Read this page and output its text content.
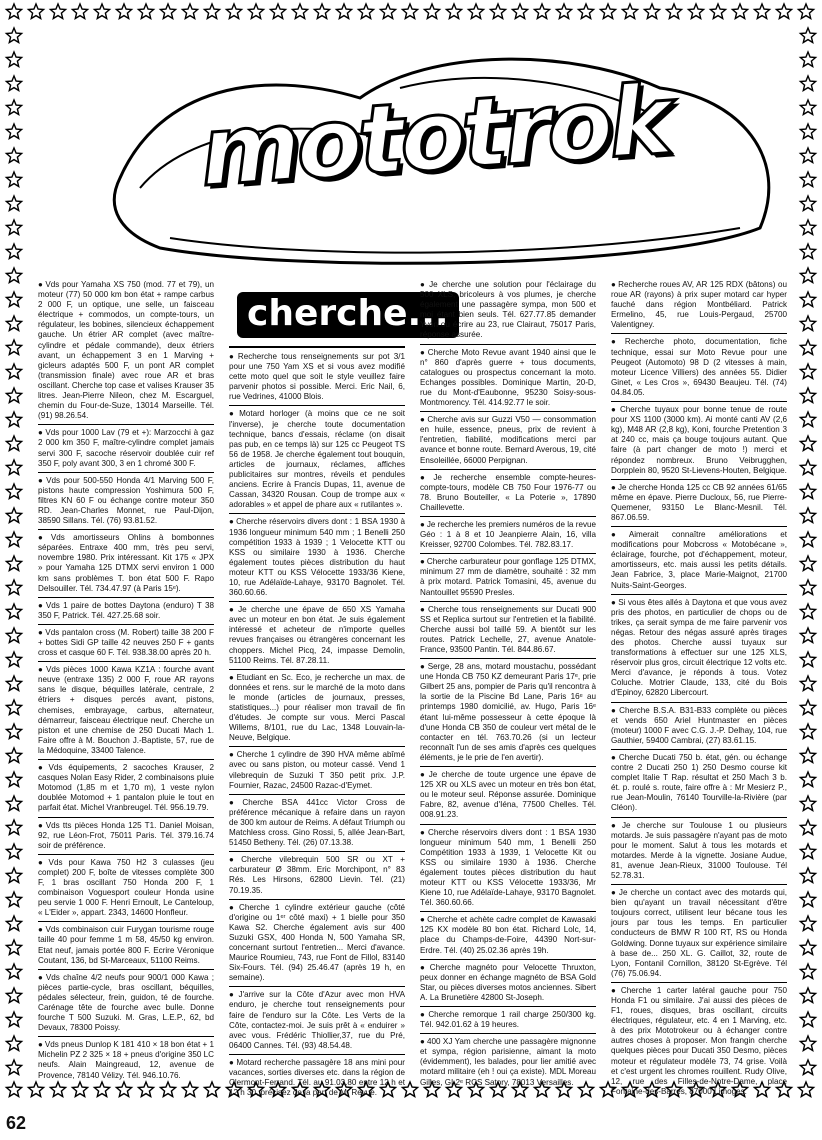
mototrok
● Vds pour Yamaha XS 750 (mod. 77 et 79), un moteur (77) 50 000 km bon état + rampe carbus 2 000 F, un optique, une selle, un faisceau électrique + commodos, un compte-tours, un régulateur, les bobines, silencieux échappement gauche. Un étrier AR complet (avec maître-cylindre et pédale commande), deux étriers avant, un échappement 3 en 1 Marving + gicleurs adaptés 500 F, un pont AR complet (transmission finale) avec roue AR et bras oscillant. Cherche top case et valises Krauser 35 litres. Jean-Pierre Nileon, chez M. Escarguel, chemin du Four-de-Suze, 13014 Marseille. Tél. (91) 98.26.54.
● Vds pour 1000 Lav (79 et +): Marzocchi à gaz 2 000 km 350 F, maître-cylindre complet jamais servi 300 F, sacoche réservoir doublée cuir ref 350 F, poly avant 300, 3 en 1 chromé 300 F.
● Vds pour 500-550 Honda 4/1 Marving 500 F, pistons haute compression Yoshimura 500 F, filtres KN 60 F ou échange contre moteur 350 RD. Jean-Charles Monnet, rue Paul-Dijon, 38590 Sillans. Tél. (76) 93.81.52.
● Vds amortisseurs Ohlins à bombonnes séparées. Entraxe 400 mm, très peu servi, novembre 1980. Prix intéressant. Kit 175 « JPX » pour Yamaha 125 DTMX servi environ 1 000 km sans problèmes T. bon état 500 F. Rapo Delsouiller. Tél. 734.47.97 (à Paris 15ᵉ).
● Vds 1 paire de bottes Daytona (enduro) T 38 350 F, Patrick. Tél. 427.25.68 soir.
● Vds pantalon cross (M. Robert) taille 38 200 F + bottes Sidi GP taille 42 neuves 250 F + gants cross et casque 60 F. Tél. 938.38.00 après 20 h.
● Vds pièces 1000 Kawa KZ1A : fourche avant neuve (entraxe 135) 2 000 F, roue AR rayons sans le disque, béquilles latérale, centrale, 2 étriers + disques percés avant, pistons, chemises, embrayage, carbus, alternateur, démarreur, faisceau électrique neuf. Cherche un piston et une chemise de 250 Ducati Mach 1. Faire offre à M. Bouchon J.-Baptiste, 57, rue de la Médoquine, 33400 Talence.
● Vds équipements, 2 sacoches Krauser, 2 casques Nolan Easy Rider, 2 combinaisons pluie Motomod (1,85 m et 1,70 m), 1 veste nylon doublée Motomod + 1 pantalon pluie le tout en parfait état. Michel Vranbreugel. Tél. 956.19.79.
● Vds tts pièces Honda 125 T1. Daniel Moisan, 92, rue Léon-Frot, 75011 Paris. Tél. 379.16.74 soir de préférence.
● Vds pour Kawa 750 H2 3 culasses (jeu complet) 200 F, boîte de vitesses complète 300 F, 1 bras oscillant 750 Honda 200 F, 1 combinaison Voguesport couleur Honda usine peu servie 1 000 F. Henri Ernoult, Le Canteloup, « L'Eider », appart. 2343, 14600 Honfleur.
● Vds combinaison cuir Furygan tourisme rouge taille 40 pour femme 1 m 58, 45/50 kg environ. Etat neuf, jamais portée 800 F. Ecrire Véronique Coutant, 136, bd St-Marceaux, 51100 Reims.
● Vds chaîne 4/2 neufs pour 900/1 000 Kawa ; pièces partie-cycle, bras oscillant, béquilles, pédales sélecteur, frein, guidon, té de fourche. Carénage tête de fourche avec bulle. Donne fourche T 500 Suzuki. M. Gras, L.E.P., 62, bd Devaux, 78300 Poissy.
● Vds pneus Dunlop K 181 410 × 18 bon état + 1 Michelin PZ 2 325 × 18 + pneus d'origine 350 LC neufs. Alain Maingreaud, 12, avenue de Provence, 78140 Vélizy. Tél. 946.10.76.
cherche...
● Recherche tous renseignements sur pot 3/1 pour une 750 Yam XS et si vous avez modifié cette moto quel que soit le style veuillez faire parvenir photos si possible. Merci. Eric Nail, 6, rue Vedrines, 41000 Blois.
● Motard horloger (à moins que ce ne soit l'inverse), je cherche toute documentation technique, bancs d'essais, réclame (on disait pas pub, en ce temps là) sur 125 cc Peugeot TS 56 de 1958. Je cherche également tout bouquin, articles de journaux, réclames, affiches publicitaires sur montres, réveils et pendules anciens. Ecrire à Francis Dupas, 11, avenue de Cassan, 34320 Rousan. Coup de trompe aux « adorables » et appel de phare aux « rutilantes ».
● Cherche réservoirs divers dont : 1 BSA 1930 à 1936 longueur minimum 540 mm ; 1 Benelli 250 compétition 1933 à 1939 ; 1 Velocette KTT ou KSS ou similaire 1930 à 1936. Cherche également toutes pièces distribution du haut moteur KTT ou KSS Vélocette 1933/36 Kiene, 10, rue Adélaïde-Lahaye, 93170 Bagnolet. Tél. 360.60.66.
● Je cherche une épave de 650 XS Yamaha avec un moteur en bon état. Je suis également intéressé et acheteur de n'importe quelles revues françaises ou étrangères concernant les choppers. Michel Picq, 24, impasse Demolin, 51100 Reims. Tél. 87.28.11.
● Etudiant en Sc. Eco, je recherche un max. de données et rens. sur le marché de la moto dans le monde (articles de journaux, presses, statistiques...) pour réaliser mon travail de fin d'études. Je compte sur vous. Merci Pascal Willems, 8/101, rue du Lac, 1348 Louvain-la-Neuve, Belgique.
● Cherche 1 cylindre de 390 HVA même abîmé avec ou sans piston, ou moteur cassé. Vend 1 vilebrequin de Suzuki T 350 petit prix. J.P. Fournier, Razac, 24500 Razac-d'Eymet.
● Cherche BSA 441cc Victor Cross de préférence mécanique à refaire dans un rayon de 300 km autour de Reims. A défaut Triumph ou Matchless cross. Gino Rossi, 5, allée Jean-Bart, 51450 Betheny. Tél. (26) 07.13.38.
● Cherche vilebrequin 500 SR ou XT + carburateur Ø 38mm. Eric Morchipont, n° 83 Rés. Les Hirsons, 62800 Lievin. Tél. (21) 70.19.35.
● Cherche 1 cylindre extérieur gauche (côté d'origine ou 1ᵉʳ côté maxi) + 1 bielle pour 350 Kawa S2. Cherche également avis sur 400 Suzuki GSX, 400 Honda N, 500 Yamaha SR, concernant surtout l'entretien... Merci d'avance. Maurice Roumieu, 743, rue Font de Fillol, 83140 Six-Fours. Tél. (94) 25.46.47 (après 19 h, en semaine).
● J'arrive sur la Côte d'Azur avec mon HVA enduro, je cherche tout renseignements pour faire de l'enduro sur la Côte. Les Verts de la Côte, contactez-moi. Je suis prêt à « enduirer » avec vous. Frédéric Thiollier,37, rue du Pré, 06400 Cannes. Tél. (93) 48.54.48.
● Motard recherche passagère 18 ans mini pour vacances, sorties diverses etc. dans la région de Clermont-Ferrand. Tél. au 91.03.80 entre 12 h et 12 h 30, précisez de la part de M. Revue.
● Je cherche une solution pour l'éclairage du 500 XLS, bricoleurs à vos plumes, je cherche également une passagère sympa, mon 500 et moi étant bien seuls. Tél. 627.77.85 demander Yvon ou écrire au 23, rue Clairaut, 75017 Paris, réponse assurée.
● Cherche Moto Revue avant 1940 ainsi que le n° 860 d'après guerre + tous documents, catalogues ou prospectus concernant la moto. Echanges possibles. Dominique Martin, 20-D, rue du Mont-d'Eaubonne, 95230 Soisy-sous-Montmorency. Tél. 414.92.77 le soir.
● Cherche avis sur Guzzi V50 — consommation en huile, essence, pneus, prix de revient à l'entretien, fiabilité, modifications merci par avance et bonne route. Bernard Averous, 19, cité Ensoleillée, 66000 Perpignan.
● Je recherche ensemble compte-heures-compte-tours, modèle CB 750 Four 1976-77 ou 78. Bruno Bouteiller, « La Poterie », 17890 Chaillevette.
● Je recherche les premiers numéros de la revue Géo : 1 à 8 et 10 Jeanpierre Alain, 16, villa Kreisser, 92700 Colombes. Tél. 782.83.17.
● Cherche carburateur pour gonflage 125 DTMX, minimum 27 mm de diamètre, souhaité : 32 mm à prix motard. Patrick Tomasini, 45, avenue du Nantouillet 95590 Presles.
● Cherche tous renseignements sur Ducati 900 SS et Replica surtout sur l'entretien et la fiabilité. Cherche aussi bol taillé 59. A bientôt sur les routes. Patrick Lechelle, 27, avenue Anatole-France, 93500 Pantin. Tél. 844.86.67.
● Serge, 28 ans, motard moustachu, possédant une Honda CB 750 KZ demeurant Paris 17ᵉ, prie Gilbert 25 ans, pompier de Paris qu'il rencontra à la sortie de la Piscine Bd Lane, Paris 16ᵉ au printemps 1980 domicilié, av. Hugo, Paris 16ᵉ étant lui-même possesseur à cette époque là d'une Honda CB 350 de couleur vert métal de le contacter en tél. 763.70.26 (si un lecteur reconnaît l'un de ses amis d'après ces quelques éléments, je le prie de l'en avertir).
● Je cherche de toute urgence une épave de 125 XR ou XLS avec un moteur en très bon état, ou le moteur seul. Réponse assurée. Dominique Fabre, 82, avenue d'Iéna, 77500 Chelles. Tél. 008.91.23.
● Cherche réservoirs divers dont : 1 BSA 1930 longueur minimum 540 mm, 1 Benelli 250 Compétition 1933 à 1939, 1 Velocette Kit ou KSS ou similaire 1930 à 1936. Cherche également toutes pièces distribution du haut moteur KTT ou KSS Vélocette 1933/36, Mr Kiene 10, rue Adélaïde-Lahaye, 93170 Bagnolet. Tél. 360.60.66.
● Cherche et achète cadre complet de Kawasaki 125 KX modèle 80 bon état. Richard Lolc, 14, place du Champs-de-Foire, 44390 Nort-sur-Erdre. Tél. (40) 25.02.36 après 19h.
● Cherche magnéto pour Velocette Thruxton, peux donner en échange magnéto de BSA Gold Star, ou pièces diverses motos anciennes. Sibert A. La Brunetière 42800 St-Joseph.
● Cherche remorque 1 rail charge 250/300 kg. Tél. 942.01.62 à 19 heures.
● 400 XJ Yam cherche une passagère mignonne et sympa, région parisienne, aimant la moto (évidemment), les balades, pour lier amitié avec motard militaire (eh ! oui ça existe). MDL Moreau Gilles, GI 2ᵉ RCS Satory, 78013 Versailles.
● Recherche roues AV, AR 125 RDX (bâtons) ou roue AR (rayons) à prix super motard car hyper fauché dans région Montbéliard. Patrick Ermelino, 45, rue Louis-Pergaud, 25700 Valentigney.
● Recherche photo, documentation, fiche technique, essai sur Moto Revue pour une Peugeot (Automoto) 98 D (2 vitesses à main, moteur Licence Villiers) des années 55. Didier Ginet, « Les Cros », 69430 Beaujeu. Tél. (74) 04.84.05.
● Cherche tuyaux pour bonne tenue de route pour XS 1100 (3000 km). Ai monté canti AV (2,6 kg), M48 AR (2,8 kg), Koni, fourche Pretention 3 at 240 cc, mais ça bouge toujours autant. Que faire (à part changer de moto !) merci et répondez nombreux. Bruno Veibrugghen, Dorpplein 80, 9520 St-Lievens-Houten, Belgique.
● Je cherche Honda 125 cc CB 92 années 61/65 même en épave. Pierre Ducloux, 56, rue Pierre-Quemener, 93150 Le Blanc-Mesnil. Tél. 867.06.59.
● Aimerait connaître améliorations et modifications pour Mobcross « Motobécane », éclairage, fourche, pot d'échappement, moteur, amortisseurs, etc. mais aussi les petits détails. Jean Fabrice, 3, place Marie-Maignot, 21700 Nuits-Saint-Georges.
● Si vous êtes allés à Daytona et que vous avez pris des photos, en particulier de chops ou de trikes, ça serait sympa de me faire parvenir vos négas. Retour des négas assuré après tirages des photos. Cherche aussi tuyaux sur transformations à effectuer sur une 125 XLS, réservoir plus gros, circuit électrique 12 volts etc. Merci d'avance, je réponds à tous. Votez Coluche. Motrier Claude, 133, cité du Bois d'Epinoy, 62820 Libercourt.
● Cherche B.S.A. B31-B33 complète ou pièces et vends 650 Ariel Huntmaster en pièces (moteur) 1000 F avec C.G. J.-P. Delhay, 104, rue Gauthier, 59400 Cambrai, (27) 83.61.15.
● Cherche Ducati 750 b. état, gén. ou échange contre 2 Ducati 250 1) 250 Desmo course kit complet Italie T Rap. résultat et 250 Mach 3 b. ét. p. roulé s. route, faire offre à : Mr Mesierz P., rue Jean-Moulin, 76140 Tourville-la-Rivière (par Cléon).
● Je cherche sur Toulouse 1 ou plusieurs motards. Je suis passagère n'ayant pas de moto pour le moment. Salut à tous les motards et motardes. Merde à la vignette. Josiane Audue, 81, avenue Jean-Rieux, 31000 Toulouse. Tél 52.78.31.
● Je cherche un contact avec des motards qui, bien qu'ayant un travail nécessitant d'être toujours correct, utilisent leur bécane tous les jours par tous les temps. En particulier conducteurs de BMW R 100 RT, RS ou Honda Goldwing. Donne tuyaux sur expérience similaire à base de... 250 XL. G. Caillot, 32, route de Lyon, Fontanil Cornillon, 38120 St-Egrève. Tél (76) 75.06.94.
● Cherche 1 carter latéral gauche pour 750 Honda F1 ou similaire. J'ai aussi des pièces de F1, roues, disques, bras oscillant, circuits électriques, régulateur, etc. 4 en 1 Marving, etc. à des prix Mototrokeur ou à échanger contre autres choses à proposer. Mon frangin cherche quelques pièces pour Ducati 350 Desmo, pièces moteur et régulateur modèle 73, 74 grise. Voilà et c'est urgent les chromes rouillent. Rudy Olive, 12, rue des Filles-de-Notre-Dame, place Fontaine-des-Barres, 87000 Limoges.
62
